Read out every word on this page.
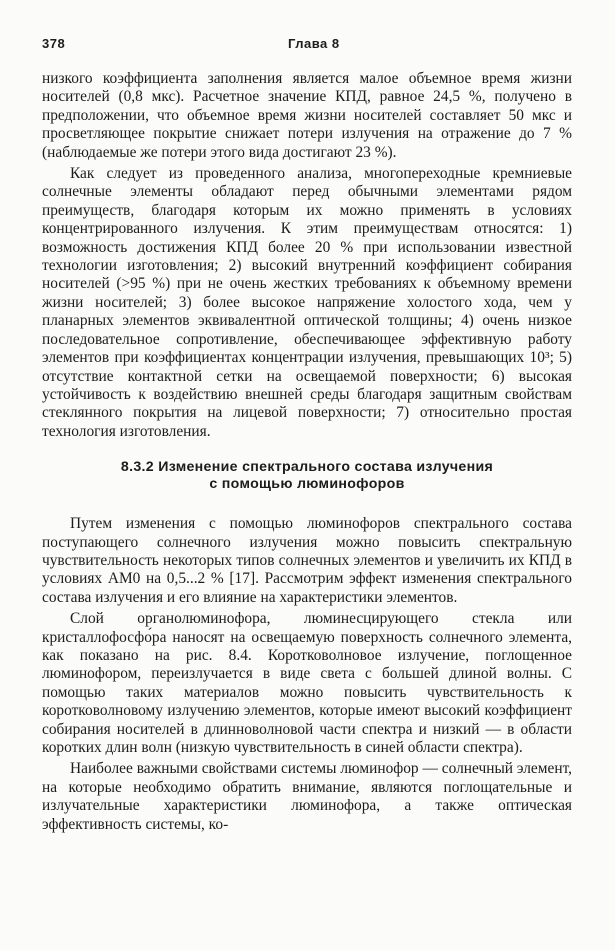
378	Глава 8

низкого коэффициента заполнения является малое объемное время жизни носителей (0,8 мкс). Расчетное значение КПД, равное 24,5 %, получено в предположении, что объемное время жизни носителей составляет 50 мкс и просветляющее покрытие снижает потери излучения на отражение до 7 % (наблюдаемые же потери этого вида достигают 23 %).

Как следует из проведенного анализа, многопереходные кремниевые солнечные элементы обладают перед обычными элементами рядом преимуществ, благодаря которым их можно применять в условиях концентрированного излучения. К этим преимуществам относятся: 1) возможность достижения КПД более 20 % при использовании известной технологии изготовления; 2) высокий внутренний коэффициент собирания носителей (>95 %) при не очень жестких требованиях к объемному времени жизни носителей; 3) более высокое напряжение холостого хода, чем у планарных элементов эквивалентной оптической толщины; 4) очень низкое последовательное сопротивление, обеспечивающее эффективную работу элементов при коэффициентах концентрации излучения, превышающих 10³; 5) отсутствие контактной сетки на освещаемой поверхности; 6) высокая устойчивость к воздействию внешней среды благодаря защитным свойствам стеклянного покрытия на лицевой поверхности; 7) относительно простая технология изготовления.

8.3.2 Изменение спектрального состава излучения
с помощью люминофоров

Путем изменения с помощью люминофоров спектрального состава поступающего солнечного излучения можно повысить спектральную чувствительность некоторых типов солнечных элементов и увеличить их КПД в условиях АМ0 на 0,5...2 % [17]. Рассмотрим эффект изменения спектрального состава излучения и его влияние на характеристики элементов.

Слой органолюминофора, люминесцирующего стекла или кристаллофосфо́ра наносят на освещаемую поверхность солнечного элемента, как показано на рис. 8.4. Коротковолновое излучение, поглощенное люминофором, переизлучается в виде света с большей длиной волны. С помощью таких материалов можно повысить чувствительность к коротковолновому излучению элементов, которые имеют высокий коэффициент собирания носителей в длинноволновой части спектра и низкий — в области коротких длин волн (низкую чувствительность в синей области спектра).

Наиболее важными свойствами системы люминофор — солнечный элемент, на которые необходимо обратить внимание, являются поглощательные и излучательные характеристики люминофора, а также оптическая эффективность системы, ко-
